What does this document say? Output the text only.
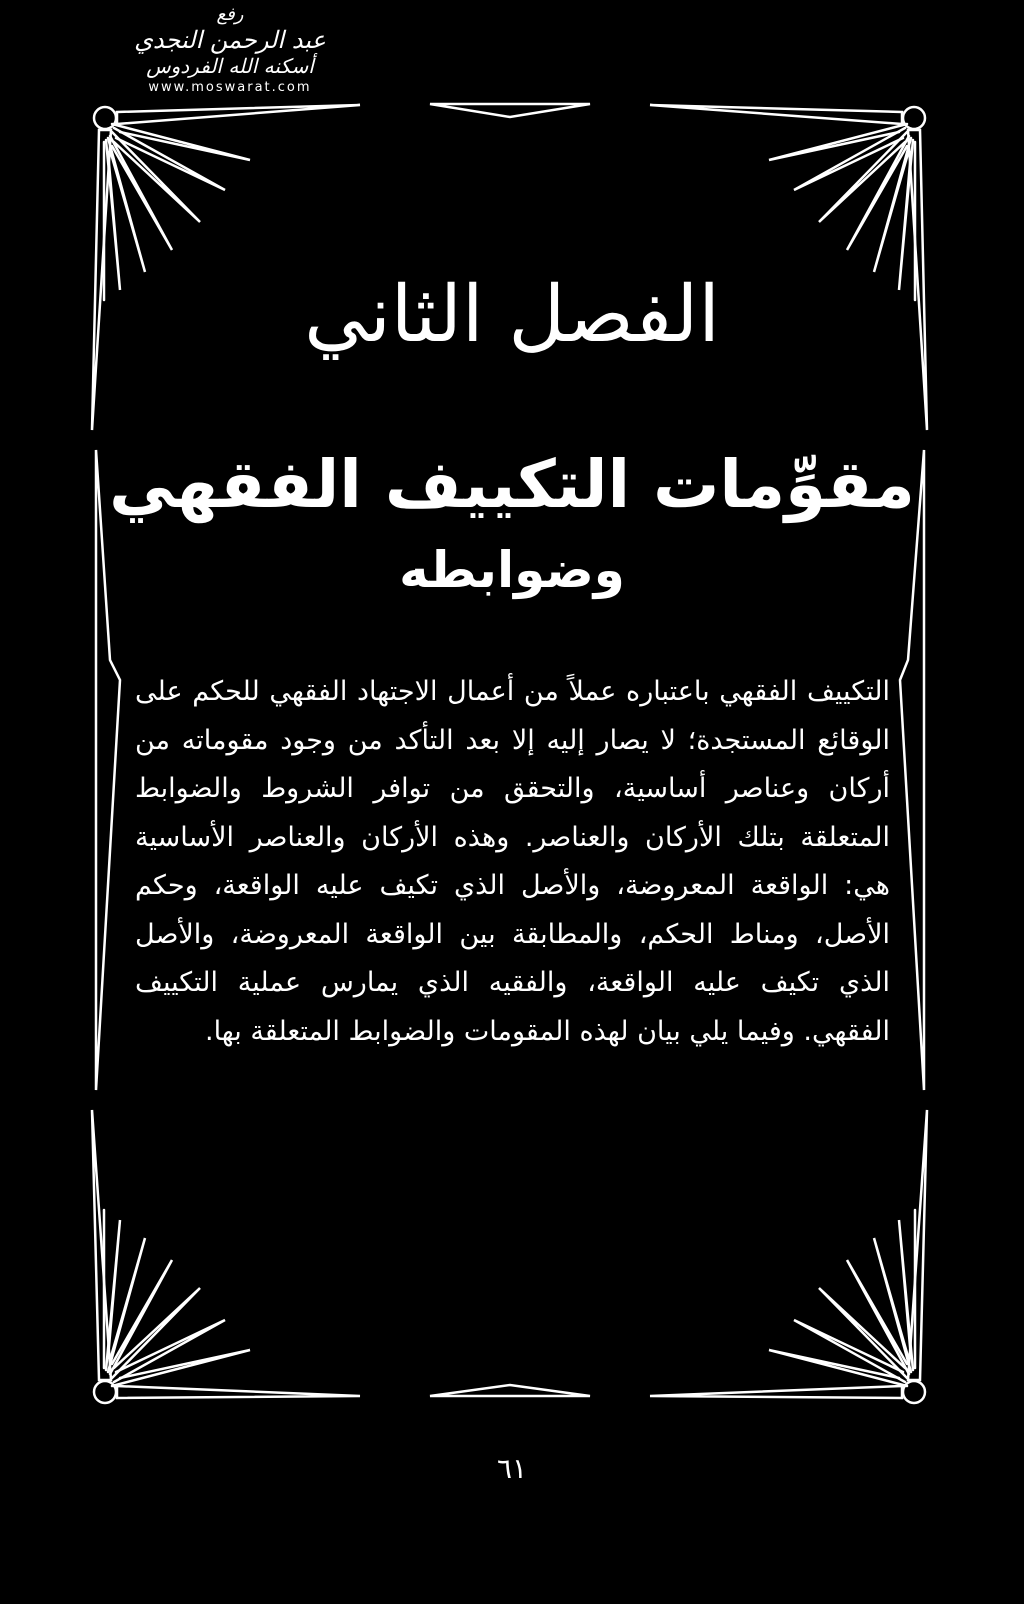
رفع
عبد الرحمن النجدي
أسكنه الله الفردوس
www.moswarat.com
الفصل الثاني
مقوِّمات التكييف الفقهي
وضوابطه
التكييف الفقهي باعتباره عملاً من أعمال الاجتهاد الفقهي للحكم على الوقائع المستجدة؛ لا يصار إليه إلا بعد التأكد من وجود مقوماته من أركان وعناصر أساسية، والتحقق من توافر الشروط والضوابط المتعلقة بتلك الأركان والعناصر. وهذه الأركان والعناصر الأساسية هي: الواقعة المعروضة، والأصل الذي تكيف عليه الواقعة، وحكم الأصل، ومناط الحكم، والمطابقة بين الواقعة المعروضة، والأصل الذي تكيف عليه الواقعة، والفقيه الذي يمارس عملية التكييف الفقهي. وفيما يلي بيان لهذه المقومات والضوابط المتعلقة بها.
٦١
